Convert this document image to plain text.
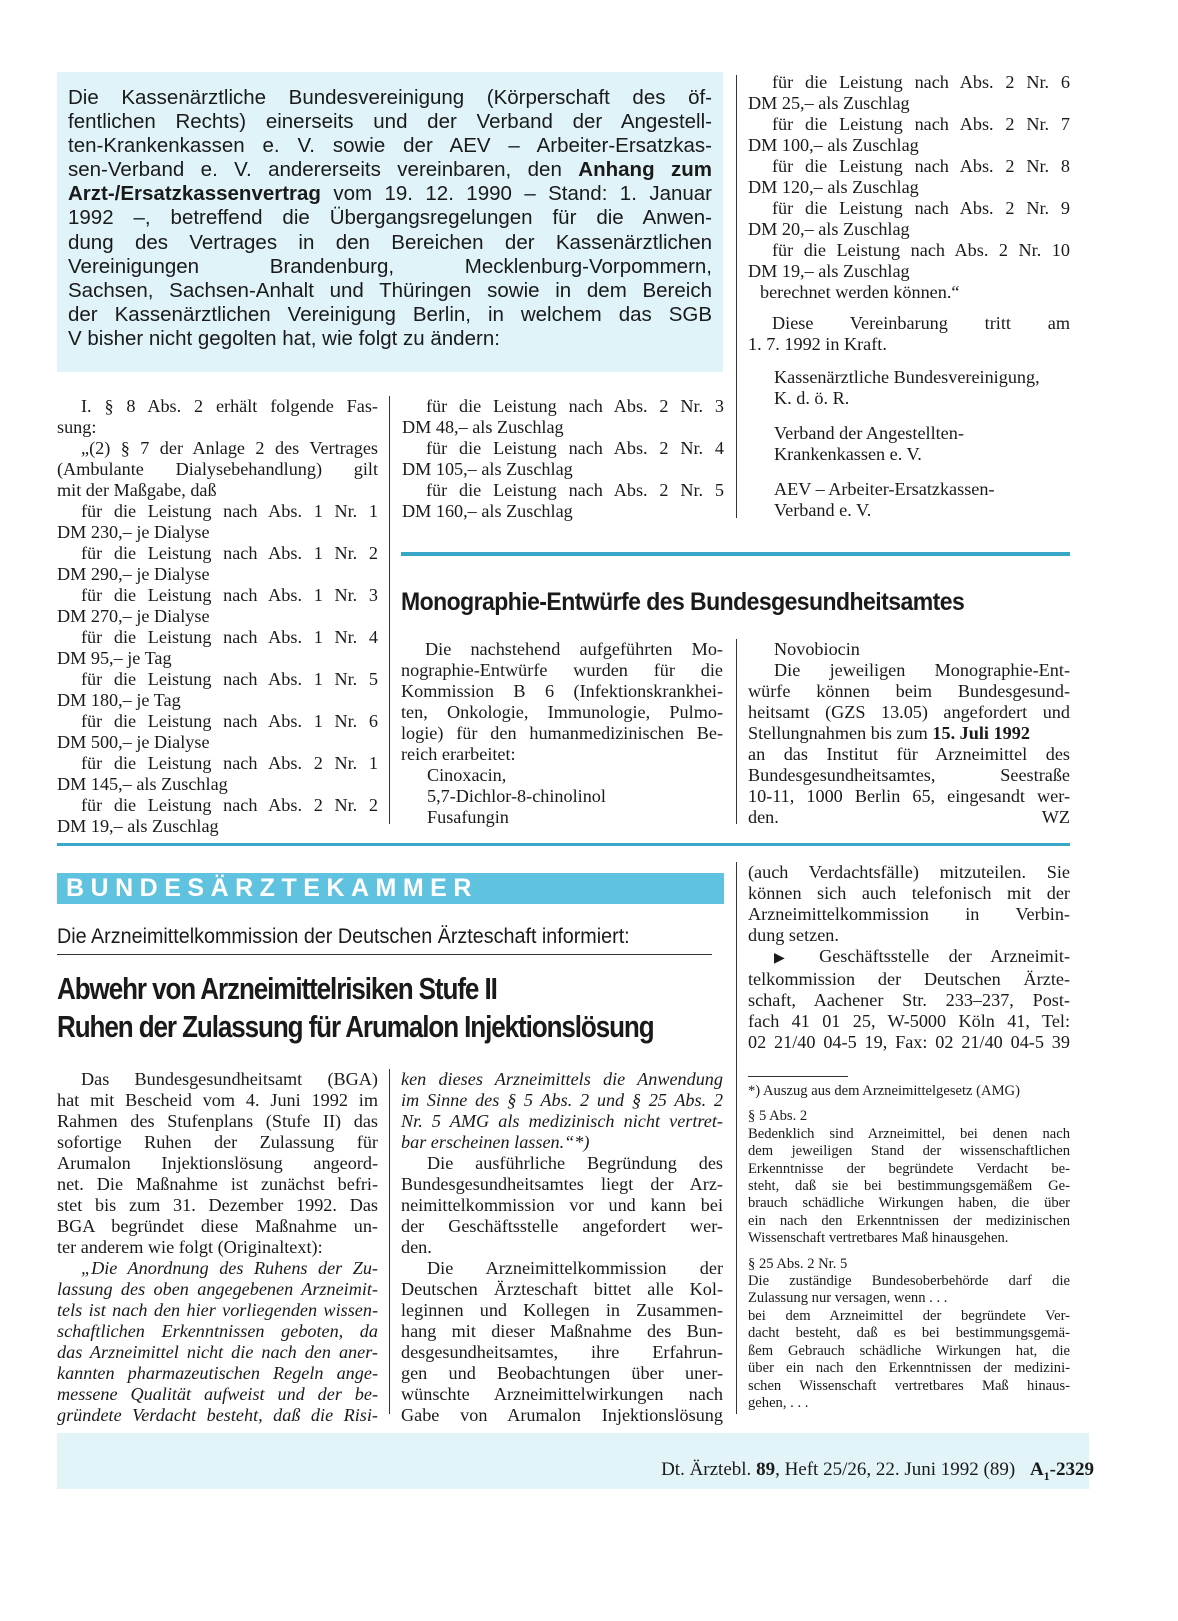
Die Kassenärztliche Bundesvereinigung (Körperschaft des öf-
fentlichen Rechts) einerseits und der Verband der Angestell-
ten-Krankenkassen e. V. sowie der AEV – Arbeiter-Ersatzkas-
sen-Verband e. V. andererseits vereinbaren, den Anhang zum
Arzt-/Ersatzkassenvertrag vom 19. 12. 1990 – Stand: 1. Januar
1992 –, betreffend die Übergangsregelungen für die Anwen-
dung des Vertrages in den Bereichen der Kassenärztlichen
Vereinigungen Brandenburg, Mecklenburg-Vorpommern,
Sachsen, Sachsen-Anhalt und Thüringen sowie in dem Bereich
der Kassenärztlichen Vereinigung Berlin, in welchem das SGB
V bisher nicht gegolten hat, wie folgt zu ändern:
I. § 8 Abs. 2 erhält folgende Fas-
sung:
„(2) § 7 der Anlage 2 des Vertrages
(Ambulante Dialysebehandlung) gilt
mit der Maßgabe, daß
für die Leistung nach Abs. 1 Nr. 1
DM 230,– je Dialyse
für die Leistung nach Abs. 1 Nr. 2
DM 290,– je Dialyse
für die Leistung nach Abs. 1 Nr. 3
DM 270,– je Dialyse
für die Leistung nach Abs. 1 Nr. 4
DM 95,– je Tag
für die Leistung nach Abs. 1 Nr. 5
DM 180,– je Tag
für die Leistung nach Abs. 1 Nr. 6
DM 500,– je Dialyse
für die Leistung nach Abs. 2 Nr. 1
DM 145,– als Zuschlag
für die Leistung nach Abs. 2 Nr. 2
DM 19,– als Zuschlag
für die Leistung nach Abs. 2 Nr. 3
DM 48,– als Zuschlag
für die Leistung nach Abs. 2 Nr. 4
DM 105,– als Zuschlag
für die Leistung nach Abs. 2 Nr. 5
DM 160,– als Zuschlag
für die Leistung nach Abs. 2 Nr. 6
DM 25,– als Zuschlag
für die Leistung nach Abs. 2 Nr. 7
DM 100,– als Zuschlag
für die Leistung nach Abs. 2 Nr. 8
DM 120,– als Zuschlag
für die Leistung nach Abs. 2 Nr. 9
DM 20,– als Zuschlag
für die Leistung nach Abs. 2 Nr. 10
DM 19,– als Zuschlag
berechnet werden können.“
Diese Vereinbarung tritt am
1. 7. 1992 in Kraft.
Kassenärztliche Bundesvereinigung,
K. d. ö. R.
Verband der Angestellten-
Krankenkassen e. V.
AEV – Arbeiter-Ersatzkassen-
Verband e. V.
Monographie-Entwürfe des Bundesgesundheitsamtes
Die nachstehend aufgeführten Mo-
nographie-Entwürfe wurden für die
Kommission B 6 (Infektionskrankhei-
ten, Onkologie, Immunologie, Pulmo-
logie) für den humanmedizinischen Be-
reich erarbeitet:
Cinoxacin,
5,7-Dichlor-8-chinolinol
Fusafungin
Novobiocin
Die jeweiligen Monographie-Ent-
würfe können beim Bundesgesund-
heitsamt (GZS 13.05) angefordert und
Stellungnahmen bis zum 15. Juli 1992
an das Institut für Arzneimittel des
Bundesgesundheitsamtes, Seestraße
10-11, 1000 Berlin 65, eingesandt wer-
den.	WZ
BUNDESÄRZTEKAMMER
Die Arzneimittelkommission der Deutschen Ärzteschaft informiert:
Abwehr von Arzneimittelrisiken Stufe II
Ruhen der Zulassung für Arumalon Injektionslösung
Das Bundesgesundheitsamt (BGA)
hat mit Bescheid vom 4. Juni 1992 im
Rahmen des Stufenplans (Stufe II) das
sofortige Ruhen der Zulassung für
Arumalon Injektionslösung angeord-
net. Die Maßnahme ist zunächst befri-
stet bis zum 31. Dezember 1992. Das
BGA begründet diese Maßnahme un-
ter anderem wie folgt (Originaltext):
„Die Anordnung des Ruhens der Zu-
lassung des oben angegebenen Arzneimit-
tels ist nach den hier vorliegenden wissen-
schaftlichen Erkenntnissen geboten, da
das Arzneimittel nicht die nach den aner-
kannten pharmazeutischen Regeln ange-
messene Qualität aufweist und der be-
gründete Verdacht besteht, daß die Risi-
ken dieses Arzneimittels die Anwendung
im Sinne des § 5 Abs. 2 und § 25 Abs. 2
Nr. 5 AMG als medizinisch nicht vertret-
bar erscheinen lassen.“*)
Die ausführliche Begründung des
Bundesgesundheitsamtes liegt der Arz-
neimittelkommission vor und kann bei
der Geschäftsstelle angefordert wer-
den.
Die Arzneimittelkommission der
Deutschen Ärzteschaft bittet alle Kol-
leginnen und Kollegen in Zusammen-
hang mit dieser Maßnahme des Bun-
desgesundheitsamtes, ihre Erfahrun-
gen und Beobachtungen über uner-
wünschte Arzneimittelwirkungen nach
Gabe von Arumalon Injektionslösung
(auch Verdachtsfälle) mitzuteilen. Sie
können sich auch telefonisch mit der
Arzneimittelkommission in Verbin-
dung setzen.
▶ Geschäftsstelle der Arzneimit-
telkommission der Deutschen Ärzte-
schaft, Aachener Str. 233–237, Post-
fach 41 01 25, W-5000 Köln 41, Tel:
02 21/40 04-5 19, Fax: 02 21/40 04-5 39
*) Auszug aus dem Arzneimittelgesetz (AMG)
§ 5 Abs. 2
Bedenklich sind Arzneimittel, bei denen nach
dem jeweiligen Stand der wissenschaftlichen
Erkenntnisse der begründete Verdacht be-
steht, daß sie bei bestimmungsgemäßem Ge-
brauch schädliche Wirkungen haben, die über
ein nach den Erkenntnissen der medizinischen
Wissenschaft vertretbares Maß hinausgehen.
§ 25 Abs. 2 Nr. 5
Die zuständige Bundesoberbehörde darf die
Zulassung nur versagen, wenn . . .
bei dem Arzneimittel der begründete Ver-
dacht besteht, daß es bei bestimmungsgemä-
ßem Gebrauch schädliche Wirkungen hat, die
über ein nach den Erkenntnissen der medizini-
schen Wissenschaft vertretbares Maß hinaus-
gehen, . . .
Dt. Ärztebl. 89, Heft 25/26, 22. Juni 1992 (89) $A_1-2329$
